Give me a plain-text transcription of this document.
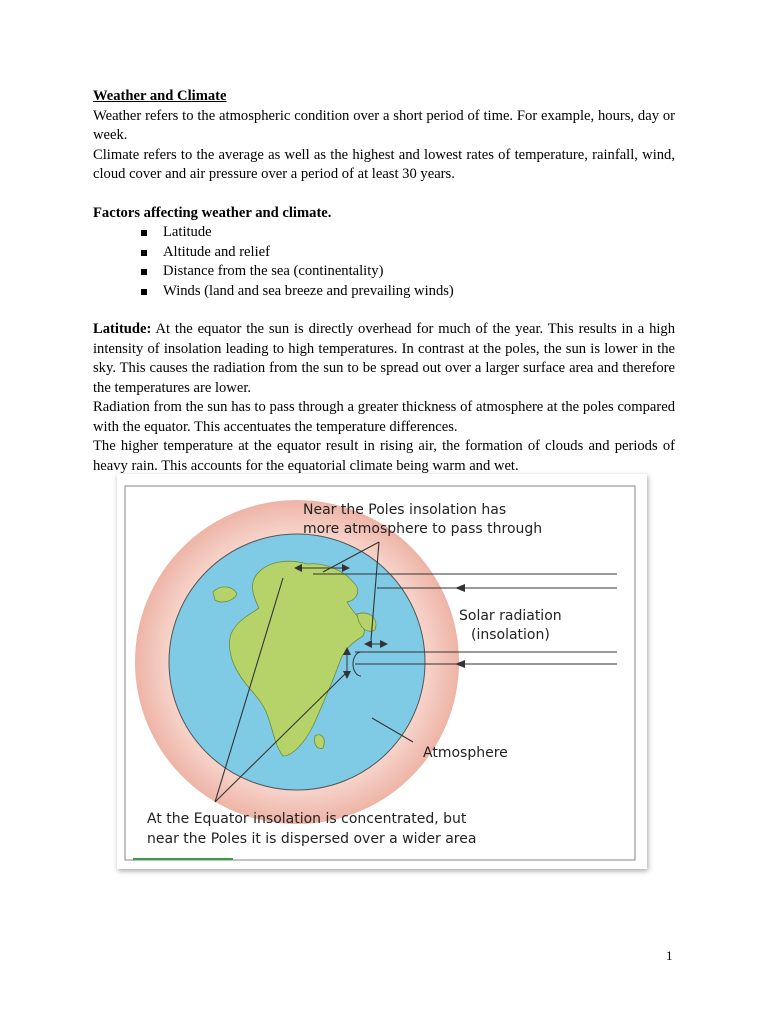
Weather and Climate

Weather refers to the atmospheric condition over a short period of time. For example, hours, day or week.

Climate refers to the average as well as the highest and lowest rates of temperature, rainfall, wind, cloud cover and air pressure over a period of at least 30 years.

Factors affecting weather and climate.
Latitude
Altitude and relief
Distance from the sea (continentality)
Winds (land and sea breeze and prevailing winds)

Latitude: At the equator the sun is directly overhead for much of the year. This results in a high intensity of insolation leading to high temperatures. In contrast at the poles, the sun is lower in the sky. This causes the radiation from the sun to be spread out over a larger surface area and therefore the temperatures are lower.

Radiation from the sun has to pass through a greater thickness of atmosphere at the poles compared with the equator. This accentuates the temperature differences.

The higher temperature at the equator result in rising air, the formation of clouds and periods of heavy rain. This accounts for the equatorial climate being warm and wet.

Near the Poles insolation has
more atmosphere to pass through
Solar radiation
(insolation)
Atmosphere
At the Equator insolation is concentrated, but
near the Poles it is dispersed over a wider area
1
